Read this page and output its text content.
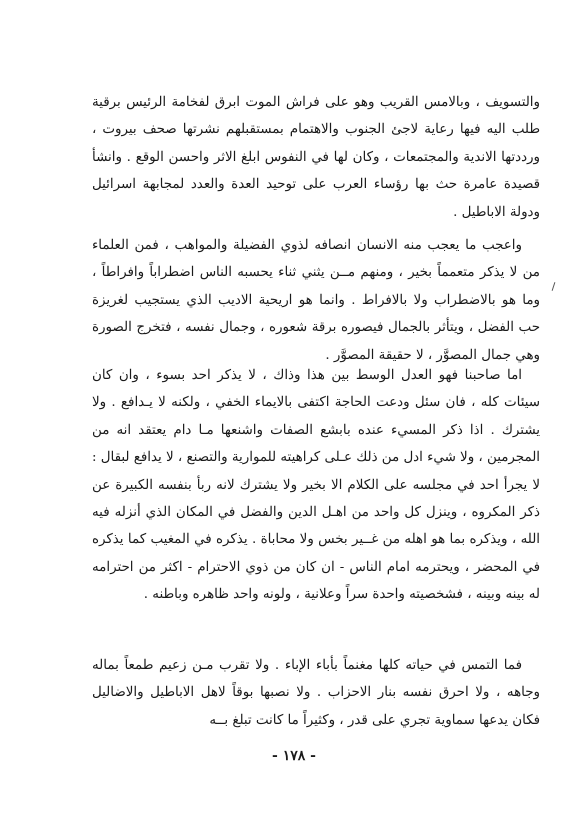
والتسويف ، وبالامس القريب وهو على فراش الموت ابرق لفخامة الرئيس برقية طلب اليه فيها رعاية لاجئ الجنوب والاهتمام بمستقبلهم نشرتها صحف بيروت ، ورددتها الاندية والمجتمعات ، وكان لها في النفوس ابلغ الاثر واحسن الوقع . وانشأ قصيدة عامرة حث بها رؤساء العرب على توحيد العدة والعدد لمجابهة اسرائيل ودولة الاباطيل .

واعجب ما يعجب منه الانسان انصافه لذوي الفضيلة والمواهب ، فمن العلماء من لا يذكر متعمماً بخير ، ومنهم مــن يثني ثناء يحسبه الناس اضطراباً وافراطاً ، وما هو بالاضطراب ولا بالافراط . وانما هو اريحية الاديب الذي يستجيب لغريزة حب الفضل ، ويتأثر بالجمال فيصوره برقة شعوره ، وجمال نفسه ، فتخرج الصورة وهي جمال المصوَّر ، لا حقيقة المصوَّر .

اما صاحبنا فهو العدل الوسط بين هذا وذاك ، لا يذكر احد بسوء ، وان كان سيئات كله ، فان سئل ودعت الحاجة اكتفى بالايماء الخفي ، ولكنه لا يـدافع . ولا يشترك . اذا ذكر المسيء عنده بابشع الصفات واشنعها مـا دام يعتقد انه من المجرمين ، ولا شيء ادل من ذلك عـلى كراهيته للموارية والتصنع ، لا يدافع لبقال : لا يجرأ احد في مجلسه على الكلام الا بخير ولا يشترك لانه ربأ بنفسه الكبيرة عن ذكر المكروه ، وينزل كل واحد من اهـل الدين والفضل في المكان الذي أنزله فيه الله ، ويذكره بما هو اهله من غــير بخس ولا محاباة . يذكره في المغيب كما يذكره في المحضر ، ويحترمه امام الناس - ان كان من ذوي الاحترام - اكثر من احترامه له بينه وبينه ، فشخصيته واحدة سراً وعلانية ، ولونه واحد ظاهره وباطنه .

فما التمس في حياته كلها مغنماً بأباء الإباء . ولا تقرب مـن زعيم طمعاً بماله وجاهه ، ولا احرق نفسه بنار الاحزاب . ولا نصبها بوقاً لاهل الاباطيل والاضاليل فكان يدعها سماوية تجري على قدر ، وكثيراً ما كانت تبلغ بــه

- ١٧٨ -
